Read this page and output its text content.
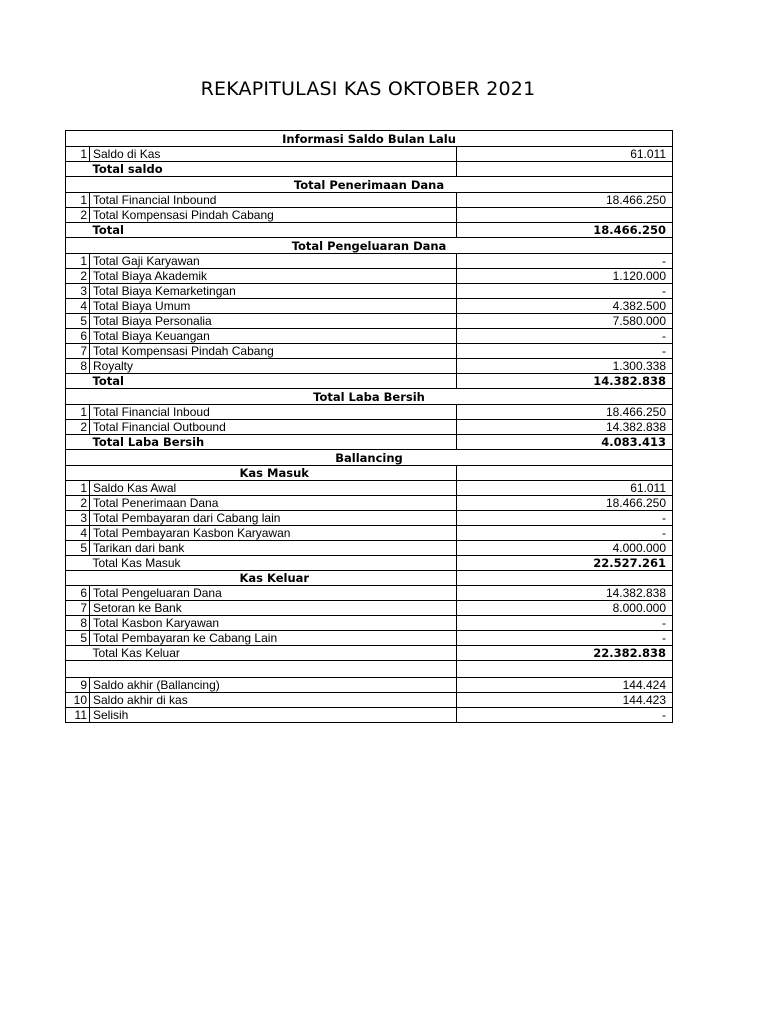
REKAPITULASI KAS OKTOBER 2021
Informasi Saldo Bulan Lalu		
1	Saldo di Kas	61.011
	Total saldo	
Total Penerimaan Dana		
1	Total Financial Inbound	18.466.250
2	Total Kompensasi Pindah Cabang	
	Total	18.466.250
Total Pengeluaran Dana		
1	Total Gaji Karyawan	-
2	Total Biaya Akademik	1.120.000
3	Total Biaya Kemarketingan	-
4	Total Biaya Umum	4.382.500
5	Total Biaya Personalia	7.580.000
6	Total Biaya Keuangan	-
7	Total Kompensasi Pindah Cabang	-
8	Royalty	1.300.338
	Total	14.382.838
Total Laba Bersih		
1	Total Financial Inboud	18.466.250
2	Total Financial Outbound	14.382.838
	Total Laba Bersih	4.083.413
Ballancing		
	Kas Masuk	
1	Saldo Kas Awal	61.011
2	Total Penerimaan Dana	18.466.250
3	Total Pembayaran dari Cabang lain	-
4	Total Pembayaran Kasbon Karyawan	-
5	Tarikan dari bank	4.000.000
	Total Kas Masuk	22.527.261
	Kas Keluar	
6	Total Pengeluaran Dana	14.382.838
7	Setoran ke Bank	8.000.000
8	Total Kasbon Karyawan	-
5	Total Pembayaran ke Cabang Lain	-
	Total Kas Keluar	22.382.838

9	Saldo akhir (Ballancing)	144.424
10	Saldo akhir di kas	144.423
11	Selisih	-
